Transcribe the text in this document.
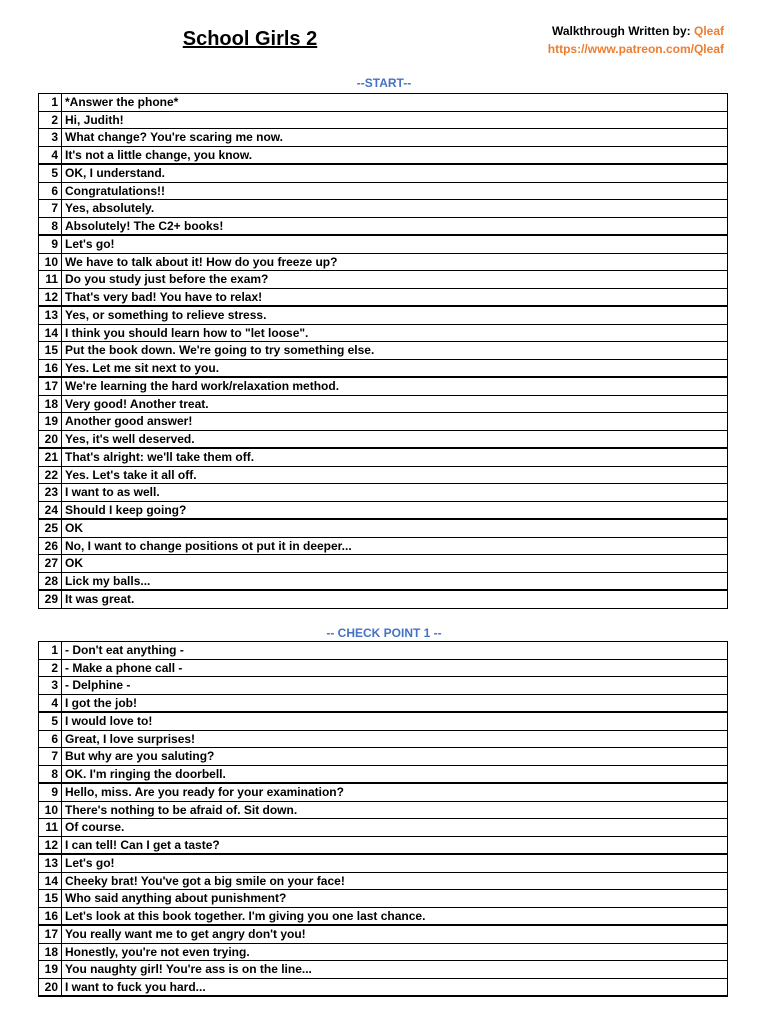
School Girls 2	Walkthrough Written by: Qleaf
https://www.patreon.com/Qleaf
--START--
1	*Answer the phone*
2	Hi, Judith!
3	What change? You're scaring me now.
4	It's not a little change, you know.
5	OK, I understand.
6	Congratulations!!
7	Yes, absolutely.
8	Absolutely! The C2+ books!
9	Let's go!
10	We have to talk about it! How do you freeze up?
11	Do you study just before the exam?
12	That's very bad! You have to relax!
13	Yes, or something to relieve stress.
14	I think you should learn how to "let loose".
15	Put the book down. We're going to try something else.
16	Yes. Let me sit next to you.
17	We're learning the hard work/relaxation method.
18	Very good! Another treat.
19	Another good answer!
20	Yes, it's well deserved.
21	That's alright: we'll take them off.
22	Yes. Let's take it all off.
23	I want to as well.
24	Should I keep going?
25	OK
26	No, I want to change positions ot put it in deeper...
27	OK
28	Lick my balls...
29	It was great.
-- CHECK POINT 1 --
1	- Don't eat anything -
2	- Make a phone call -
3	- Delphine -
4	I got the job!
5	I would love to!
6	Great, I love surprises!
7	But why are you saluting?
8	OK. I'm ringing the doorbell.
9	Hello, miss. Are you ready for your examination?
10	There's nothing to be afraid of. Sit down.
11	Of course.
12	I can tell! Can I get a taste?
13	Let's go!
14	Cheeky brat! You've got a big smile on your face!
15	Who said anything about punishment?
16	Let's look at this book together. I'm giving you one last chance.
17	You really want me to get angry don't you!
18	Honestly, you're not even trying.
19	You naughty girl! You're ass is on the line...
20	I want to fuck you hard...
